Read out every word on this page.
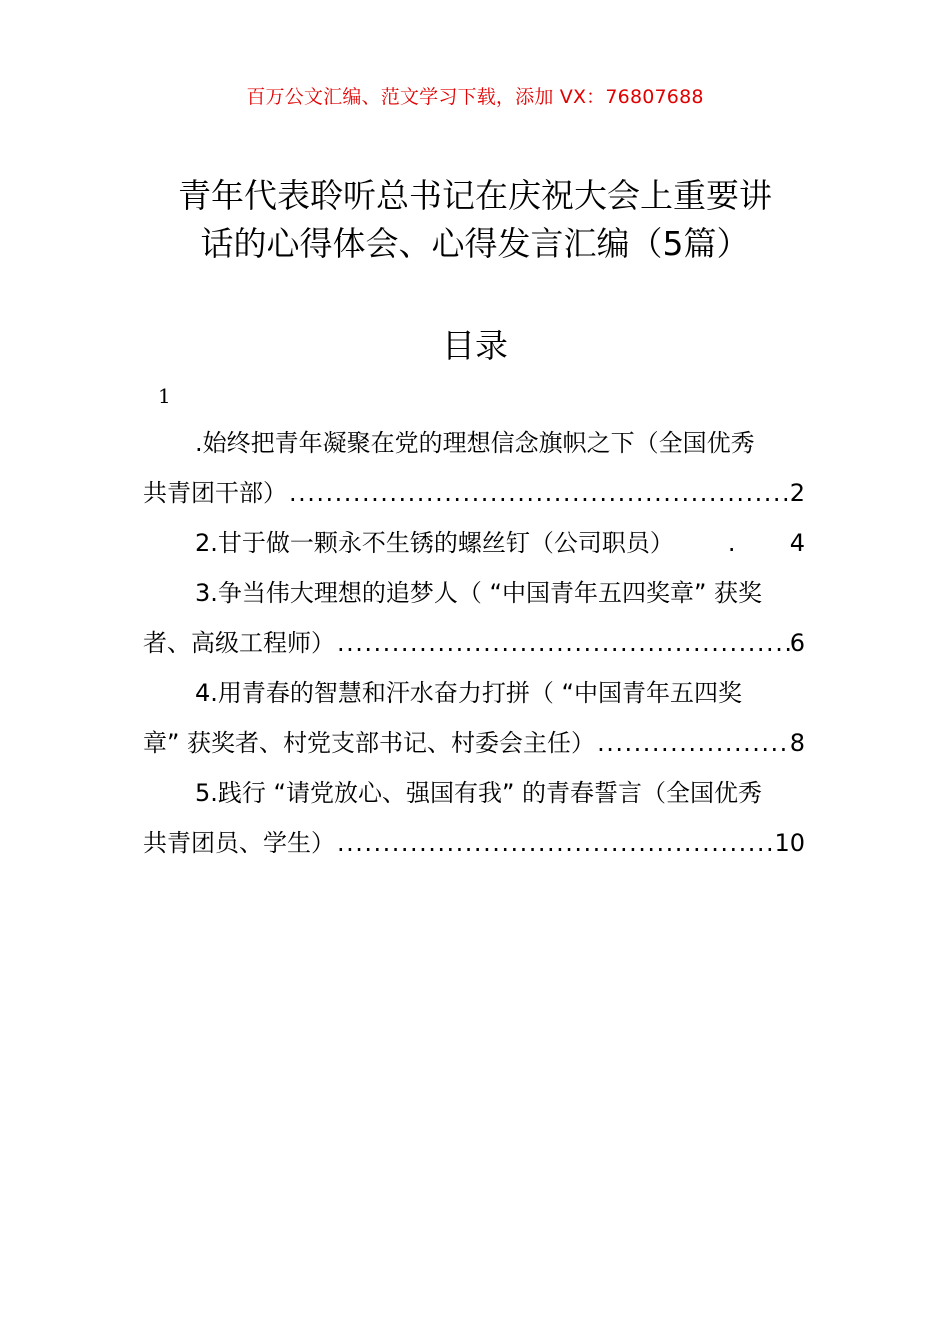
百万公文汇编、范文学习下载，添加 VX：76807688
青年代表聆听总书记在庆祝大会上重要讲
话的心得体会、心得发言汇编（5篇）
目录
1
.始终把青年凝聚在党的理想信念旗帜之下（全国优秀
共青团干部） .....	2
2.甘于做一颗永不生锈的螺丝钉（公司职员） .....	4
3.争当伟大理想的追梦人（ “中国青年五四奖章” 获奖
者、高级工程师） .....	6
4.用青春的智慧和汗水奋力打拼（ “中国青年五四奖
章” 获奖者、村党支部书记、村委会主任） .....	8
5.践行 “请党放心、强国有我” 的青春誓言（全国优秀
共青团员、学生） .....	10
